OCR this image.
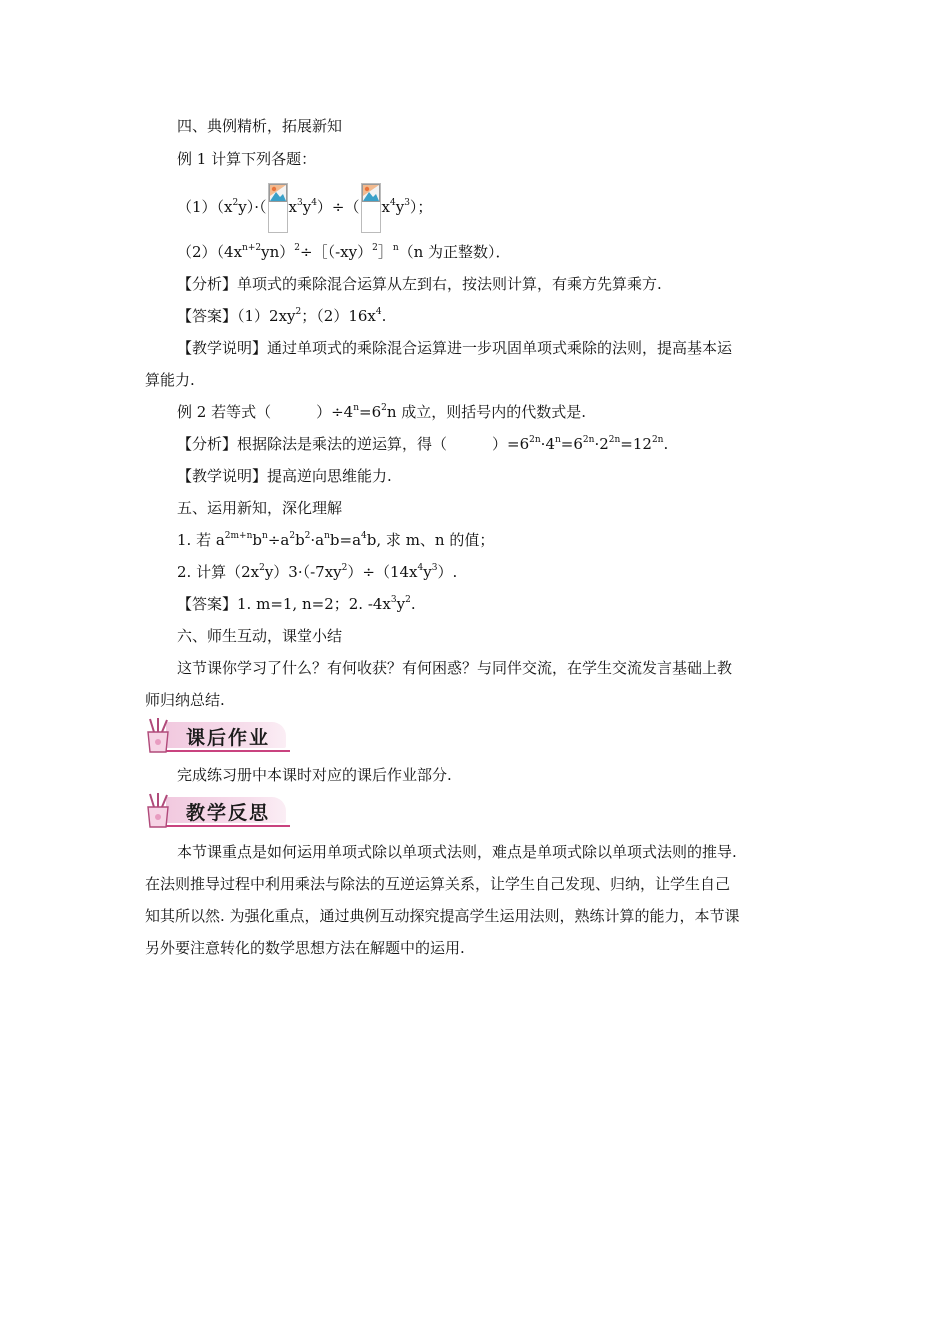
四、典例精析，拓展新知
例 1 计算下列各题：
$(1)(x^2y)\cdot$（ $x^3y^4)\div$（ $x^4y^3$）；
$(2)(4x^{n+2}yn)^2\div[(-xy)^2]^n(n$ 为正整数）．
【分析】单项式的乘除混合运算从左到右，按法则计算，有乘方先算乘方.
【答案】$(1)2xy^2$；$(2)16x^4$.
【教学说明】通过单项式的乘除混合运算进一步巩固单项式乘除的法则，提高基本运
算能力.
例 2 若等式（　　　）$\div 4^n=6^2n$ 成立，则括号内的代数式是.
【分析】根据除法是乘法的逆运算，得（　　　）$=6^{2n}\cdot 4^n=6^{2n}\cdot 2^{2n}=12^{2n}$.
【教学说明】提高逆向思维能力.
五、运用新知，深化理解
1. 若 $a^{2m+n}b^n\div a^2b^2\cdot a^nb=a^4b$, 求 m、n 的值；
2. 计算$(2x^2y)3\cdot(-7xy^2)\div(14x^4y^3)$.
【答案】1. m=1, n=2；2. $-4x^3y^2$.
六、师生互动，课堂小结
这节课你学习了什么？有何收获？有何困惑？与同伴交流，在学生交流发言基础上教
师归纳总结.
课后作业
完成练习册中本课时对应的课后作业部分.
教学反思
本节课重点是如何运用单项式除以单项式法则，难点是单项式除以单项式法则的推导.
在法则推导过程中利用乘法与除法的互逆运算关系，让学生自己发现、归纳，让学生自己
知其所以然. 为强化重点，通过典例互动探究提高学生运用法则，熟练计算的能力，本节课
另外要注意转化的数学思想方法在解题中的运用.
